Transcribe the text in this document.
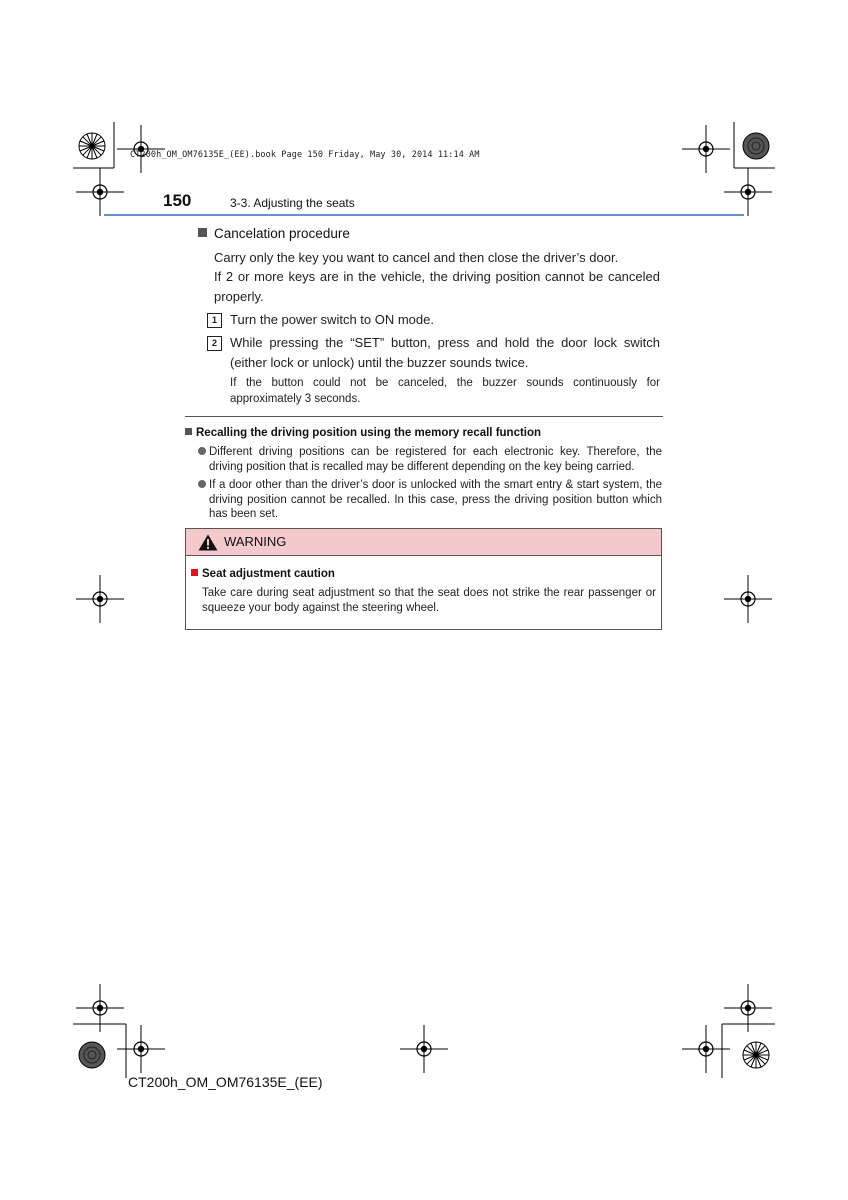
CT200h_OM_OM76135E_(EE).book Page 150 Friday, May 30, 2014 11:14 AM
150	3-3. Adjusting the seats
Cancelation procedure
Carry only the key you want to cancel and then close the driver’s door.
If 2 or more keys are in the vehicle, the driving position cannot be canceled properly.
1	Turn the power switch to ON mode.
2	While pressing the “SET” button, press and hold the door lock switch (either lock or unlock) until the buzzer sounds twice.
If the button could not be canceled, the buzzer sounds continuously for approximately 3 seconds.
Recalling the driving position using the memory recall function
Different driving positions can be registered for each electronic key. Therefore, the driving position that is recalled may be different depending on the key being carried.
If a door other than the driver’s door is unlocked with the smart entry & start system, the driving position cannot be recalled. In this case, press the driving position button which has been set.
WARNING
Seat adjustment caution
Take care during seat adjustment so that the seat does not strike the rear passenger or squeeze your body against the steering wheel.
CT200h_OM_OM76135E_(EE)
